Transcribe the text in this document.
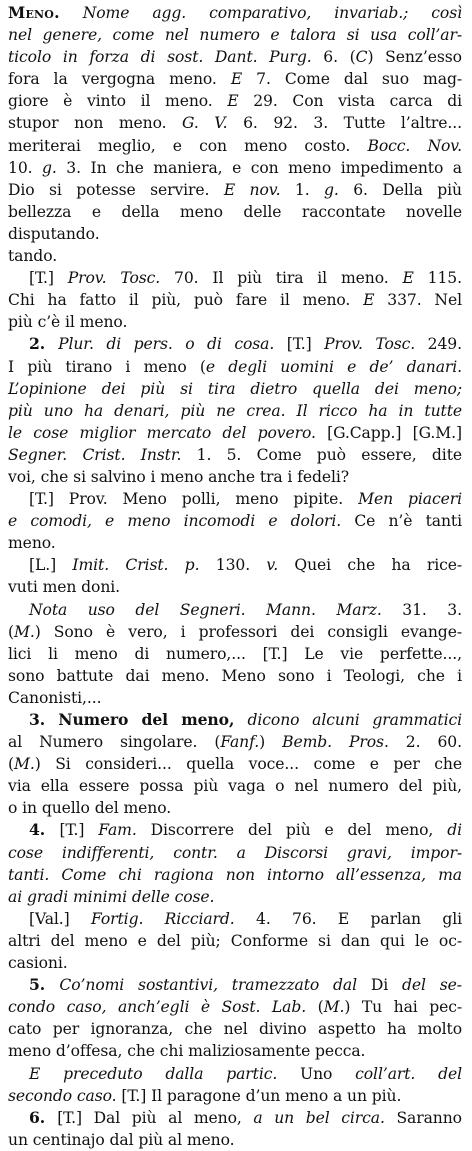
Meno. Nome agg. comparativo, invariab.; così
nel genere, come nel numero e talora si usa coll’ar-
ticolo in forza di sost. Dant. Purg. 6. (C) Senz’esso
fora la vergogna meno. E 7. Come dal suo mag-
giore è vinto il meno. E 29. Con vista carca di
stupor non meno. G. V. 6. 92. 3. Tutte l’altre...
meriterai meglio, e con meno costo. Bocc. Nov.
10. g. 3. In che maniera, e con meno impedimento a
Dio si potesse servire. E nov. 1. g. 6. Della più
bellezza e della meno delle raccontate novelle disputando.
tando.
[T.] Prov. Tosc. 70. Il più tira il meno. E 115.
Chi ha fatto il più, può fare il meno. E 337. Nel
più c’è il meno.
2. Plur. di pers. o di cosa. [T.] Prov. Tosc. 249.
I più tirano i meno (e degli uomini e de’ danari.
L’opinione dei più si tira dietro quella dei meno;
più uno ha denari, più ne crea. Il ricco ha in tutte
le cose miglior mercato del povero. [G.Capp.] [G.M.]
Segner. Crist. Instr. 1. 5. Come può essere, dite
voi, che si salvino i meno anche tra i fedeli?
[T.] Prov. Meno polli, meno pipite. Men piaceri
e comodi, e meno incomodi e dolori. Ce n’è tanti
meno.
[L.] Imit. Crist. p. 130. v. Quei che ha rice-
vuti men doni.
Nota uso del Segneri. Mann. Marz. 31. 3.
(M.) Sono è vero, i professori dei consigli evange-
lici li meno di numero,... [T.] Le vie perfette...,
sono battute dai meno. Meno sono i Teologi, che i
Canonisti,...
3. Numero del meno, dicono alcuni grammatici
al Numero singolare. (Fanf.) Bemb. Pros. 2. 60.
(M.) Si consideri... quella voce... come e per che
via ella essere possa più vaga o nel numero del più,
o in quello del meno.
4. [T.] Fam. Discorrere del più e del meno, di
cose indifferenti, contr. a Discorsi gravi, impor-
tanti. Come chi ragiona non intorno all’essenza, ma
ai gradi minimi delle cose.
[Val.] Fortig. Ricciard. 4. 76. E parlan gli
altri del meno e del più; Conforme si dan qui le oc-
casioni.
5. Co’nomi sostantivi, tramezzato dal Di del se-
condo caso, anch’egli è Sost. Lab. (M.) Tu hai pec-
cato per ignoranza, che nel divino aspetto ha molto
meno d’offesa, che chi maliziosamente pecca.
E preceduto dalla partic. Uno coll’art. del
secondo caso. [T.] Il paragone d’un meno a un più.
6. [T.] Dal più al meno, a un bel circa. Saranno
un centinajo dal più al meno.
